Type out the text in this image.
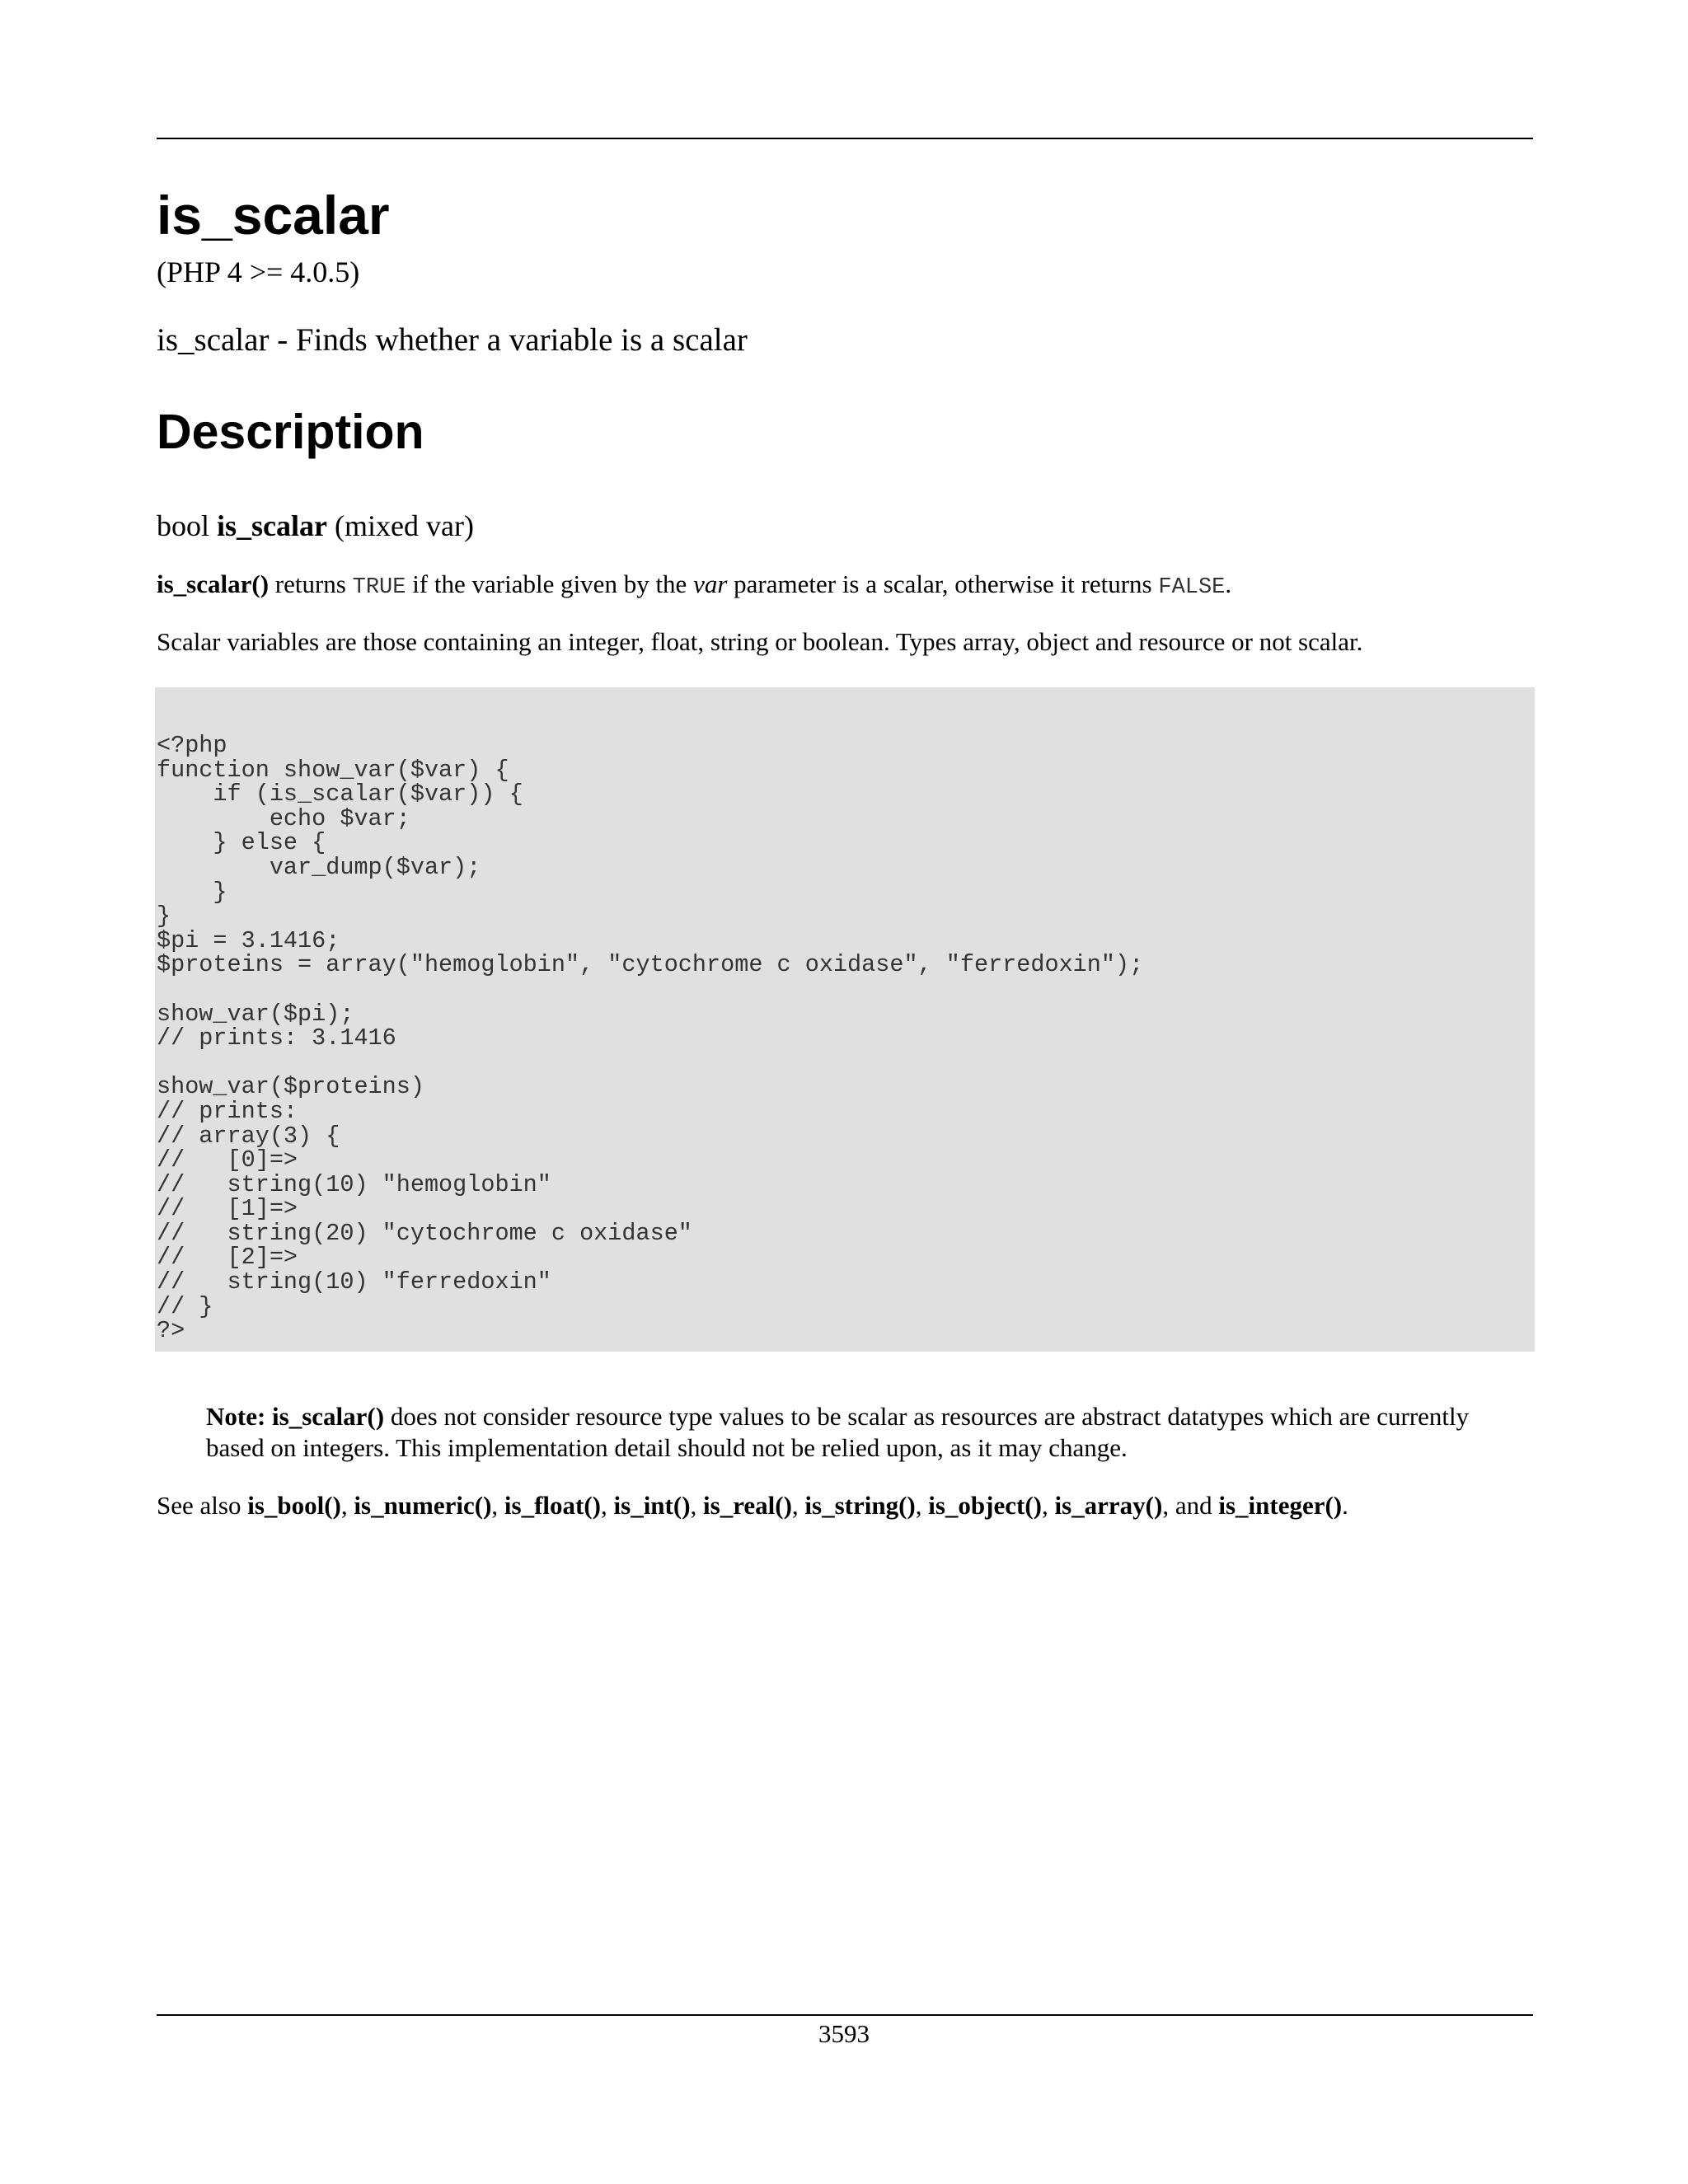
is_scalar
(PHP 4 >= 4.0.5)
is_scalar - Finds whether a variable is a scalar
Description
bool is_scalar (mixed var)
is_scalar() returns TRUE if the variable given by the var parameter is a scalar, otherwise it returns FALSE.
Scalar variables are those containing an integer, float, string or boolean. Types array, object and resource or not scalar.
<?php
function show_var($var) {
if (is_scalar($var)) {
echo $var;
} else {
var_dump($var);
}
}
$pi = 3.1416;
$proteins = array("hemoglobin", "cytochrome c oxidase", "ferredoxin");

show_var($pi);
// prints: 3.1416

show_var($proteins)
// prints:
// array(3) {
//   [0]=>
//   string(10) "hemoglobin"
//   [1]=>
//   string(20) "cytochrome c oxidase"
//   [2]=>
//   string(10) "ferredoxin"
// }
?>
Note: is_scalar() does not consider resource type values to be scalar as resources are abstract datatypes which are currently based on integers. This implementation detail should not be relied upon, as it may change.
See also is_bool(), is_numeric(), is_float(), is_int(), is_real(), is_string(), is_object(), is_array(), and is_integer().
3593
